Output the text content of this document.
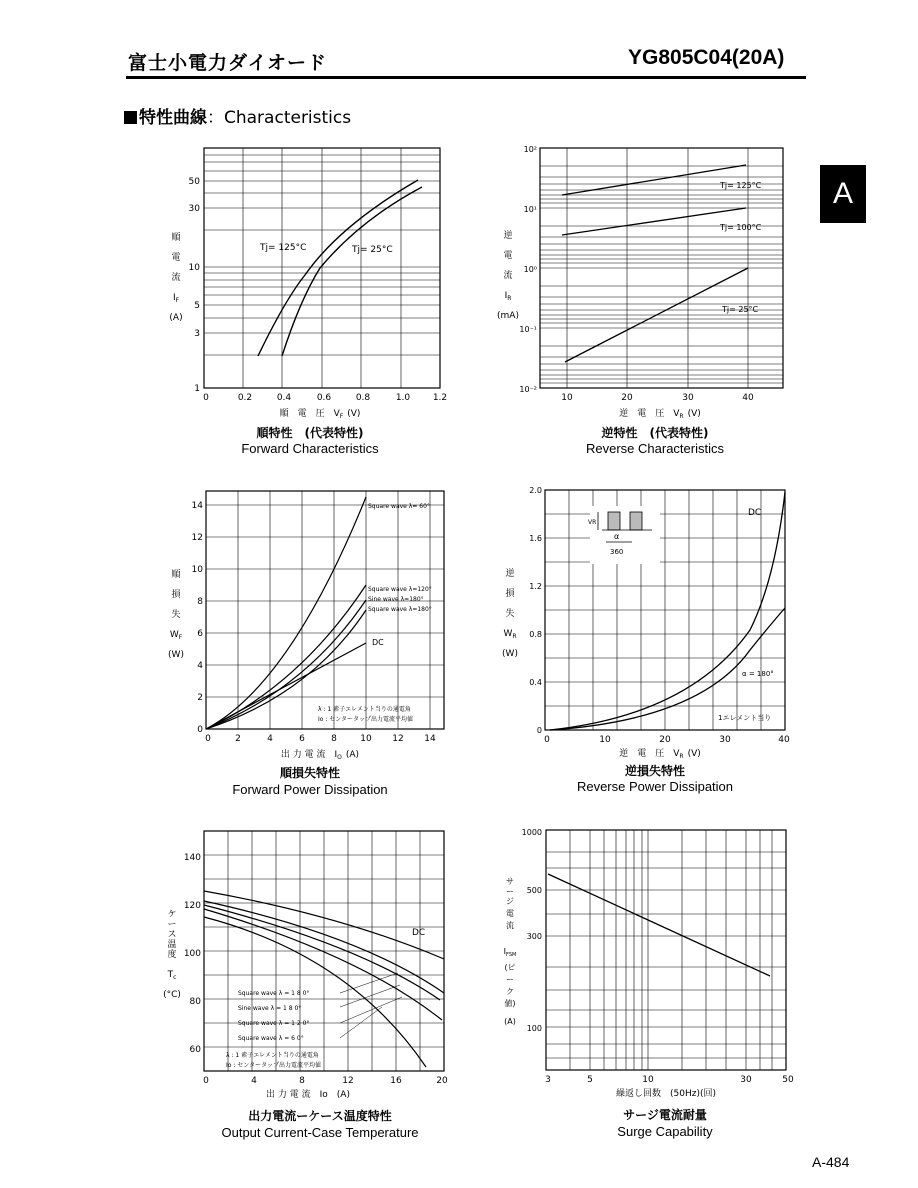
富士小電力ダイオード	YG805C04(20A)
特性曲線：Characteristics
A
A-484
Tj= 125°C	Tj= 25°C
0	0.2	0.4	0.6	0.8	1.0	1.2
1
3
5
10
30
50
順
電
流
$I_F$
(A)
順　電　圧　$V_F$ (V)
順特性　(代表特性)
Forward Characteristics
Tj= 125°C
Tj= 100°C
Tj= 25°C
10	20	30	40
10²
10¹
10⁰
10⁻¹
10⁻²
逆
電
流
$I_R$
(mA)
逆　電　圧　$V_R$ (V)
逆特性　(代表特性)
Reverse Characteristics
Square wave λ= 60°
Square wave λ=120°
Sine wave λ=180°
Square wave λ=180°
DC
λ : 1 素子エレメント当りの通電角
Io : センタータップ出力電流平均値
0	2	4	6	8	10 12 14
0
2
4
6
8
10
12
14
順
損
失
$W_F$
(W)
出 力 電 流　$I_O$ (A)
順損失特性
Forward Power Dissipation
VR
α
360
DC
α = 180°
1エレメント当り
0	10	20	30	40
0
0.4
0.8
1.2
1.6
2.0
逆
損
失
$W_R$
(W)
逆　電　圧　$V_R$ (V)
逆損失特性
Reverse Power Dissipation
DC
Square wave λ = 1 8 0°
Sine wave λ = 1 8 0°
Square wave λ = 1 2 0°
Square wave λ = 6 0°
λ : 1 素子エレメント当りの通電角
Io : センタータップ出力電流平均値
0	4	8	12	16	20
60
80
100
120
140
ケ
ー
ス
温
度
$T_c$
(°C)
出 力 電 流　Io　(A)
出力電流ーケース温度特性
Output Current-Case Temperature
3	5	10	30	50
1000
500
300
100
サ
ー
ジ
電
流
$I_{FSM}$
(ピ
ー
ク
値)
(A)
繰返し回数　(50Hz)(回)
サージ電流耐量
Surge Capability
